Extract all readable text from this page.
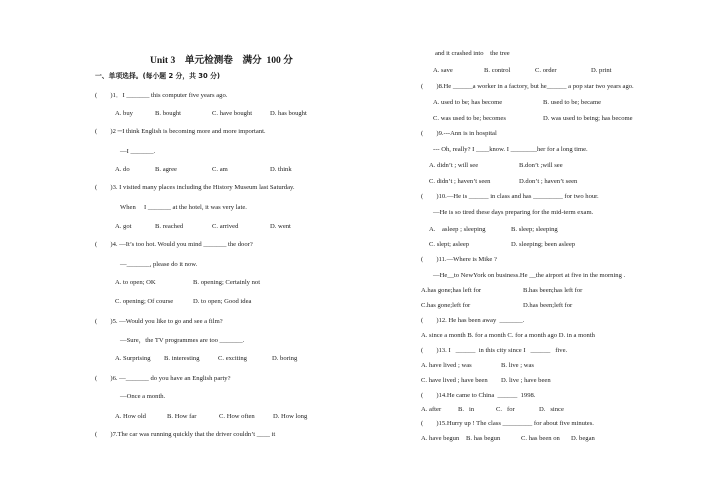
Unit 3    单元检测卷    满分  100 分
一、单项选择。(每小题 2 分，共 30 分)
(        )1．I _______ this computer five years ago.
A. buy	B. bought	C. have bought	D. has bought
(        )2 ─I think English is becoming more and more important.
—I _______.
A. do	B. agree	C. am	D. think
(        )3. I visited many places including the History Museum last Saturday.
When     I _______ at the hotel, it was very late.
A. got	B. reached	C. arrived	D. went
(        )4. —It’s too hot. Would you mind _______ the door?
—_______, please do it now.
A. to open; OK	B. opening; Certainly not
C. opening; Of course	D. to open; Good idea
(        )5. —Would you like to go and see a film?
—Sure，the TV programmes are too _______.
A. Surprising B. interesting	C. exciting	D. boring
(        )6. —_______ do you have an English party?
—Once a month.
A. How old	B. How far	C. How often	D. How long
(        )7.The car was running quickly that the driver couldn’t ____ it
and it crashed into    the tree
A. save	B. control	C. order	D. print
(        )8.He ______a worker in a factory, but he______ a pop star two years ago.
A. used to be; has become	B. used to be; became
C. was used to be; becomes	D. was used to being; has become
(        )9.---Ann is in hospital
--- Oh, really? I ____know. I ________her for a long time.
A. didn’t ; will see	B.don’t ;will see
C. didn’t ; haven’t seen	D.don’t ; haven’t seen
(        )10.—He is ______ in class and has _________ for two hour.
—He is so tired these days preparing for the mid-term exam.
A.    asleep ; sleeping	B. sleep; sleeping
C. slept; asleep	D. sleeping; been asleep
(        )11.—Where is Mike ?
—He__to NewYork on business.He __the airport at five in the morning .
A.has gone;has left for	B.has been;has left for
C.has gone;left for	D.has been;left for
(        )12. He has been away  _______.
A. since a month B. for a month C. for a month ago D. in a month
(        )13. I   ______  in this city since I   ______   five.
A. have lived ; was	B. live ; was
C. have lived ; have been D. live ; have been
(        )14.He came to China  ______  1998.
A. after	B.   in	C.   for	D.   since
(        )15.Hurry up ! The class _________ for about five minutes.
A. have begun B. has begun	C. has been on D. began
